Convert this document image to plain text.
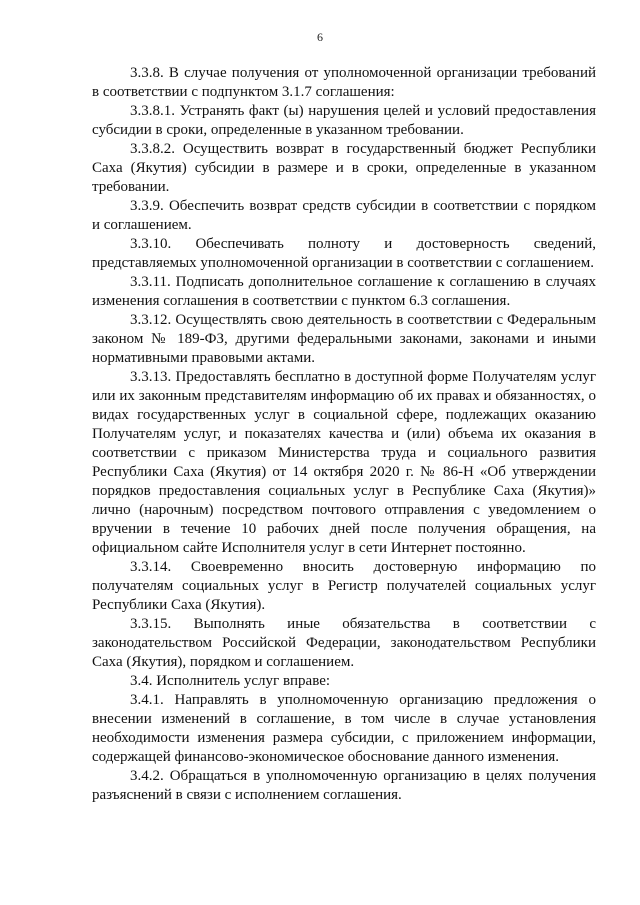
6

3.3.8. В случае получения от уполномоченной организации требований в соответствии с подпунктом 3.1.7 соглашения:

3.3.8.1. Устранять факт (ы) нарушения целей и условий предоставления субсидии в сроки, определенные в указанном требовании.

3.3.8.2. Осуществить возврат в государственный бюджет Республики Саха (Якутия) субсидии в размере и в сроки, определенные в указанном требовании.

3.3.9. Обеспечить возврат средств субсидии в соответствии с порядком и соглашением.

3.3.10. Обеспечивать полноту и достоверность сведений, представляемых уполномоченной организации в соответствии с соглашением.

3.3.11. Подписать дополнительное соглашение к соглашению в случаях изменения соглашения в соответствии с пунктом 6.3 соглашения.

3.3.12. Осуществлять свою деятельность в соответствии с Федеральным законом № 189-ФЗ, другими федеральными законами, законами и иными нормативными правовыми актами.

3.3.13. Предоставлять бесплатно в доступной форме Получателям услуг или их законным представителям информацию об их правах и обязанностях, о видах государственных услуг в социальной сфере, подлежащих оказанию Получателям услуг, и показателях качества и (или) объема их оказания в соответствии с приказом Министерства труда и социального развития Республики Саха (Якутия) от 14 октября 2020 г. № 86-Н «Об утверждении порядков предоставления социальных услуг в Республике Саха (Якутия)» лично (нарочным) посредством почтового отправления с уведомлением о вручении в течение 10 рабочих дней после получения обращения, на официальном сайте Исполнителя услуг в сети Интернет постоянно.

3.3.14. Своевременно вносить достоверную информацию по получателям социальных услуг в Регистр получателей социальных услуг Республики Саха (Якутия).

3.3.15. Выполнять иные обязательства в соответствии с законодательством Российской Федерации, законодательством Республики Саха (Якутия), порядком и соглашением.

3.4. Исполнитель услуг вправе:

3.4.1. Направлять в уполномоченную организацию предложения о внесении изменений в соглашение, в том числе в случае установления необходимости изменения размера субсидии, с приложением информации, содержащей финансово-экономическое обоснование данного изменения.

3.4.2. Обращаться в уполномоченную организацию в целях получения разъяснений в связи с исполнением соглашения.
